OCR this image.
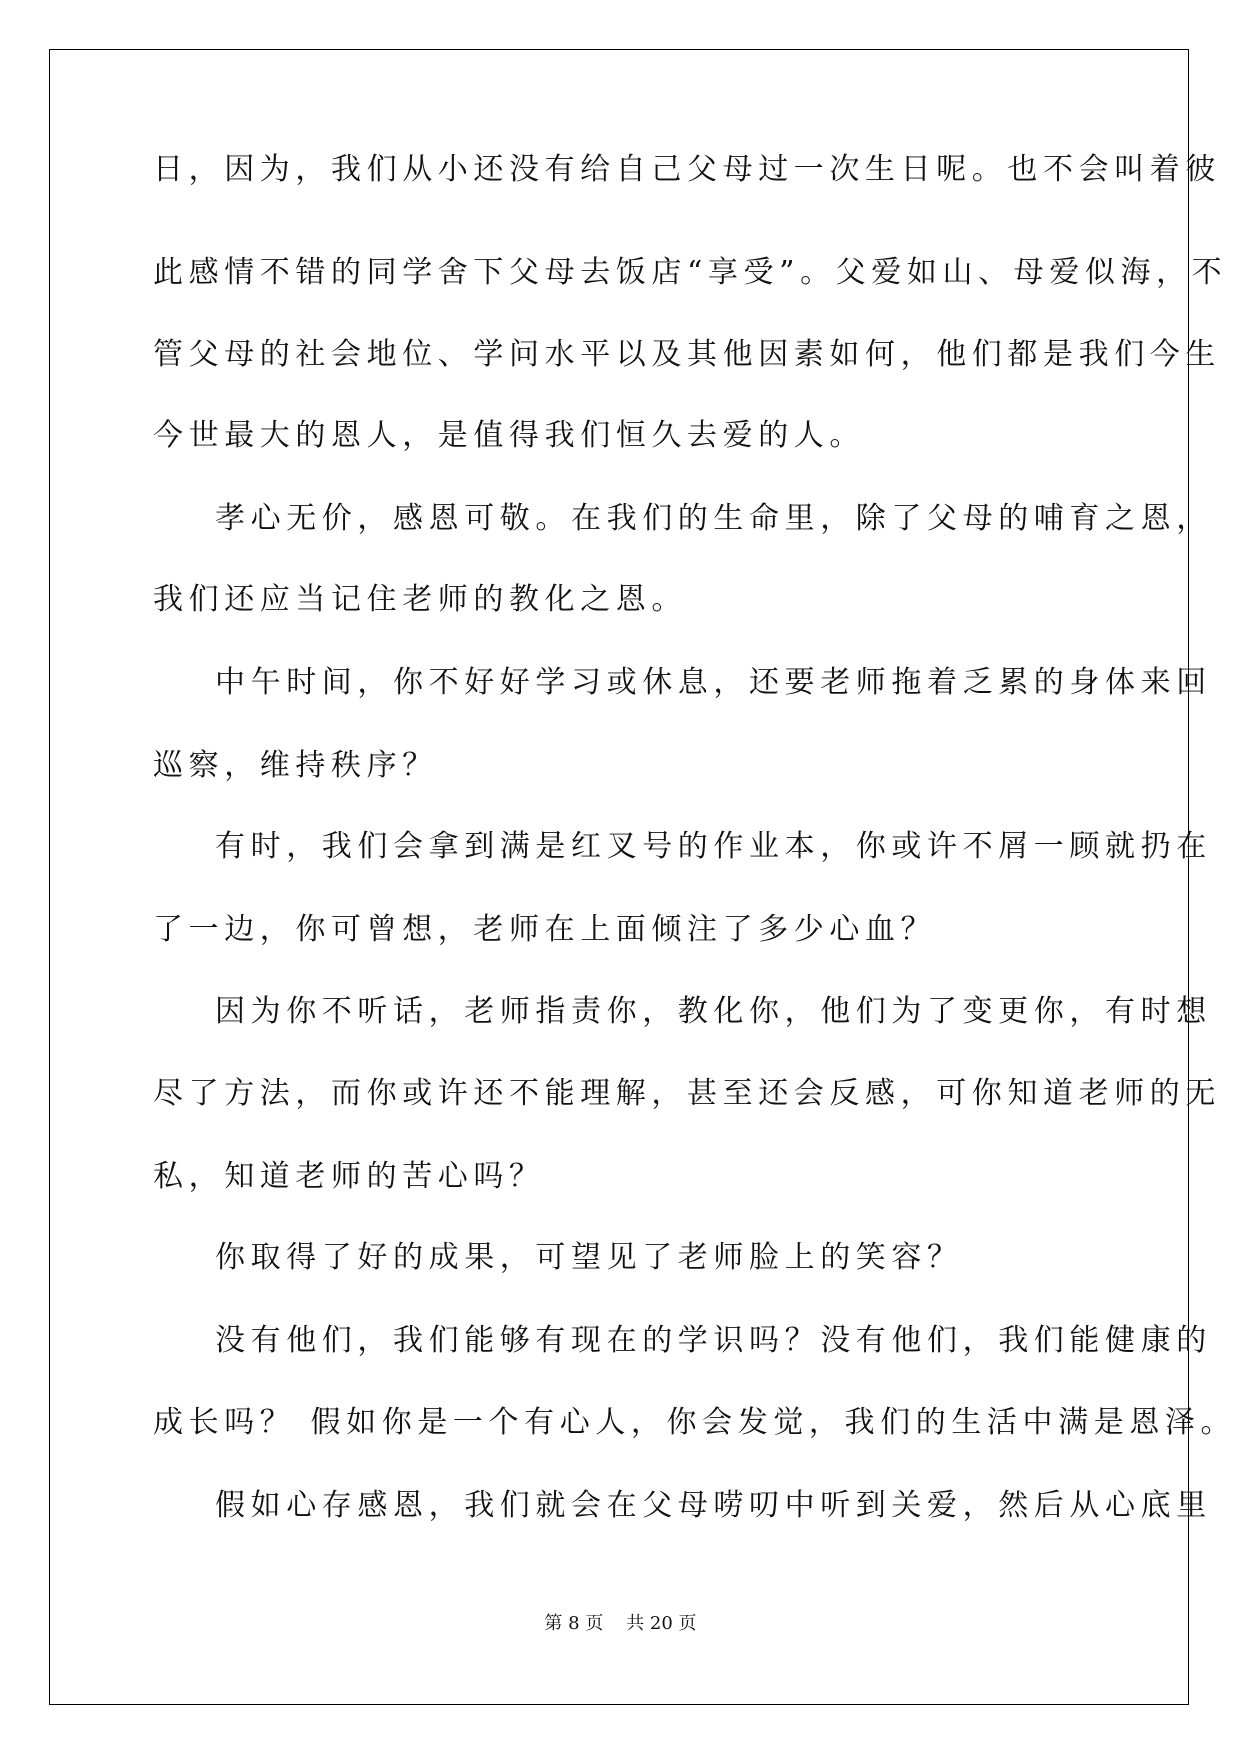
日，因为，我们从小还没有给自己父母过一次生日呢。也不会叫着彼
此感情不错的同学舍下父母去饭店“享受”。父爱如山、母爱似海，不
管父母的社会地位、学问水平以及其他因素如何，他们都是我们今生
今世最大的恩人，是值得我们恒久去爱的人。
孝心无价，感恩可敬。在我们的生命里，除了父母的哺育之恩，
我们还应当记住老师的教化之恩。
中午时间，你不好好学习或休息，还要老师拖着乏累的身体来回
巡察，维持秩序？
有时，我们会拿到满是红叉号的作业本，你或许不屑一顾就扔在
了一边，你可曾想，老师在上面倾注了多少心血？
因为你不听话，老师指责你，教化你，他们为了变更你，有时想
尽了方法，而你或许还不能理解，甚至还会反感，可你知道老师的无
私，知道老师的苦心吗？
你取得了好的成果，可望见了老师脸上的笑容？
没有他们，我们能够有现在的学识吗？没有他们，我们能健康的
成长吗？ 假如你是一个有心人，你会发觉，我们的生活中满是恩泽。
假如心存感恩，我们就会在父母唠叨中听到关爱，然后从心底里
第 8 页    共 20 页
